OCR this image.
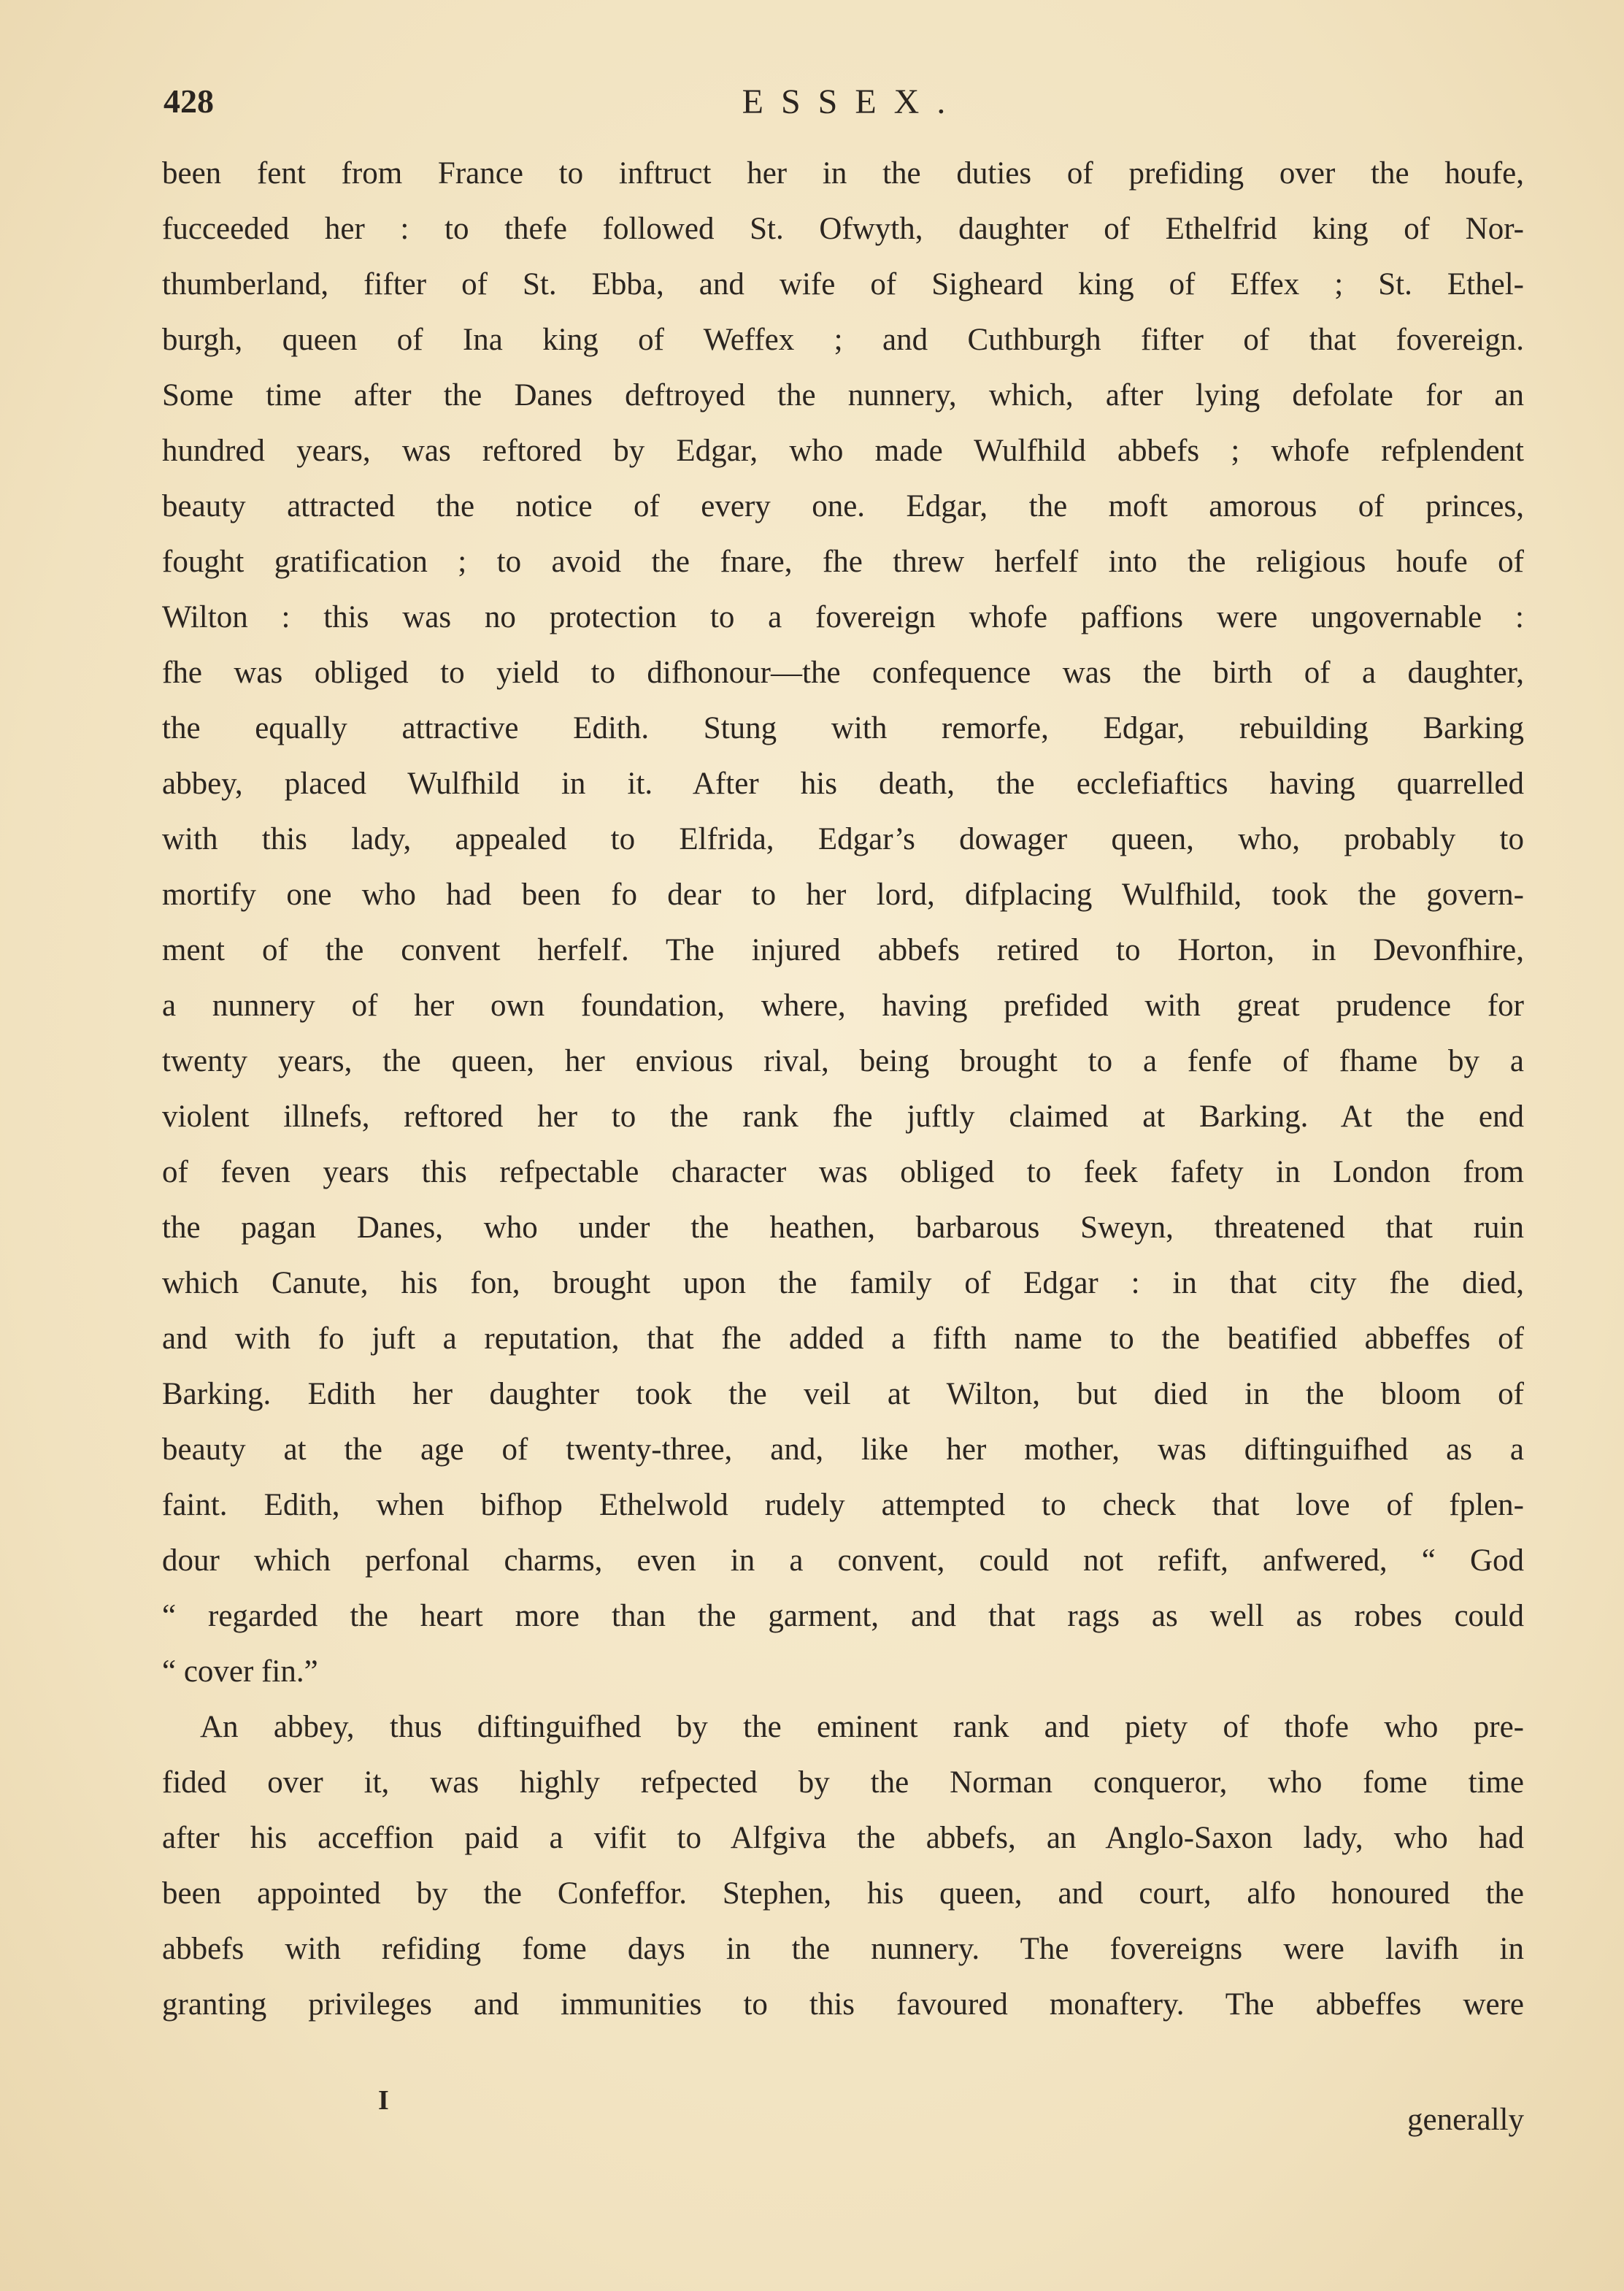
428	ESSEX.
been fent from France to inftruct her in the duties of prefiding over the houfe,
fucceeded her : to thefe followed St. Ofwyth, daughter of Ethelfrid king of Nor-
thumberland, fifter of St. Ebba, and wife of Sigheard king of Effex ; St. Ethel-
burgh, queen of Ina king of Weffex ; and Cuthburgh fifter of that fovereign.
Some time after the Danes deftroyed the nunnery, which, after lying defolate for an
hundred years, was reftored by Edgar, who made Wulfhild abbefs ; whofe refplendent
beauty attracted the notice of every one. Edgar, the moft amorous of princes,
fought gratification ; to avoid the fnare, fhe threw herfelf into the religious houfe of
Wilton : this was no protection to a fovereign whofe paffions were ungovernable :
fhe was obliged to yield to difhonour—the confequence was the birth of a daughter,
the equally attractive Edith. Stung with remorfe, Edgar, rebuilding Barking
abbey, placed Wulfhild in it. After his death, the ecclefiaftics having quarrelled
with this lady, appealed to Elfrida, Edgar’s dowager queen, who, probably to
mortify one who had been fo dear to her lord, difplacing Wulfhild, took the govern-
ment of the convent herfelf. The injured abbefs retired to Horton, in Devonfhire,
a nunnery of her own foundation, where, having prefided with great prudence for
twenty years, the queen, her envious rival, being brought to a fenfe of fhame by a
violent illnefs, reftored her to the rank fhe juftly claimed at Barking. At the end
of feven years this refpectable character was obliged to feek fafety in London from
the pagan Danes, who under the heathen, barbarous Sweyn, threatened that ruin
which Canute, his fon, brought upon the family of Edgar : in that city fhe died,
and with fo juft a reputation, that fhe added a fifth name to the beatified abbeffes of
Barking. Edith her daughter took the veil at Wilton, but died in the bloom of
beauty at the age of twenty-three, and, like her mother, was diftinguifhed as a
faint. Edith, when bifhop Ethelwold rudely attempted to check that love of fplen-
dour which perfonal charms, even in a convent, could not refift, anfwered, “ God
“ regarded the heart more than the garment, and that rags as well as robes could
“ cover fin.”
An abbey, thus diftinguifhed by the eminent rank and piety of thofe who pre-
fided over it, was highly refpected by the Norman conqueror, who fome time
after his acceffion paid a vifit to Alfgiva the abbefs, an Anglo-Saxon lady, who had
been appointed by the Confeffor. Stephen, his queen, and court, alfo honoured the
abbefs with refiding fome days in the nunnery. The fovereigns were lavifh in
granting privileges and immunities to this favoured monaftery. The abbeffes were
I
generally
